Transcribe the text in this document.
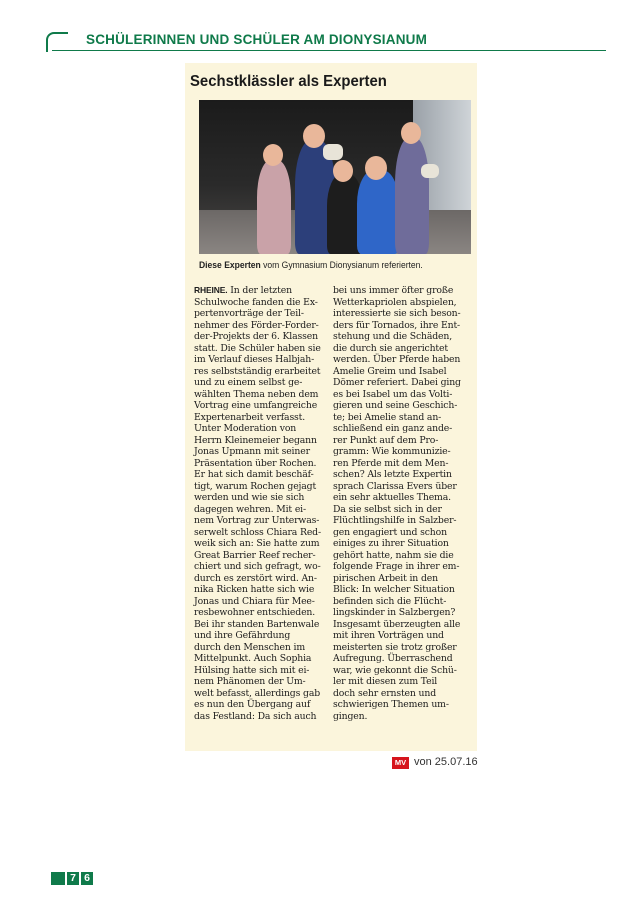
SCHÜLERINNEN UND SCHÜLER AM DIONYSIANUM
Sechstklässler als Experten
Diese Experten vom Gymnasium Dionysianum referierten.
RHEINE. In der letzten
Schulwoche fanden die Ex-
pertenvorträge der Teil-
nehmer des Förder-Forder-
der-Projekts der 6. Klassen
statt. Die Schüler haben sie
im Verlauf dieses Halbjah-
res selbstständig erarbeitet
und zu einem selbst ge-
wählten Thema neben dem
Vortrag eine umfangreiche
Expertenarbeit verfasst.
Unter Moderation von
Herrn Kleinemeier begann
Jonas Upmann mit seiner
Präsentation über Rochen.
Er hat sich damit beschäf-
tigt, warum Rochen gejagt
werden und wie sie sich
dagegen wehren. Mit ei-
nem Vortrag zur Unterwas-
serwelt schloss Chiara Red-
weik sich an: Sie hatte zum
Great Barrier Reef recher-
chiert und sich gefragt, wo-
durch es zerstört wird. An-
nika Ricken hatte sich wie
Jonas und Chiara für Mee-
resbewohner entschieden.
Bei ihr standen Bartenwale
und ihre Gefährdung
durch den Menschen im
Mittelpunkt. Auch Sophia
Hülsing hatte sich mit ei-
nem Phänomen der Um-
welt befasst, allerdings gab
es nun den Übergang auf
das Festland: Da sich auch
bei uns immer öfter große
Wetterkapriolen abspielen,
interessierte sie sich beson-
ders für Tornados, ihre Ent-
stehung und die Schäden,
die durch sie angerichtet
werden. Über Pferde haben
Amelie Greim und Isabel
Dömer referiert. Dabei ging
es bei Isabel um das Volti-
gieren und seine Geschich-
te; bei Amelie stand an-
schließend ein ganz ande-
rer Punkt auf dem Pro-
gramm: Wie kommunizie-
ren Pferde mit dem Men-
schen? Als letzte Expertin
sprach Clarissa Evers über
ein sehr aktuelles Thema.
Da sie selbst sich in der
Flüchtlingshilfe in Salzber-
gen engagiert und schon
einiges zu ihrer Situation
gehört hatte, nahm sie die
folgende Frage in ihrer em-
pirischen Arbeit in den
Blick: In welcher Situation
befinden sich die Flücht-
lingskinder in Salzbergen?
Insgesamt überzeugten alle
mit ihren Vorträgen und
meisterten sie trotz großer
Aufregung. Überraschend
war, wie gekonnt die Schü-
ler mit diesen zum Teil
doch sehr ernsten und
schwierigen Themen um-
gingen.
MV von 25.07.16
7 6
